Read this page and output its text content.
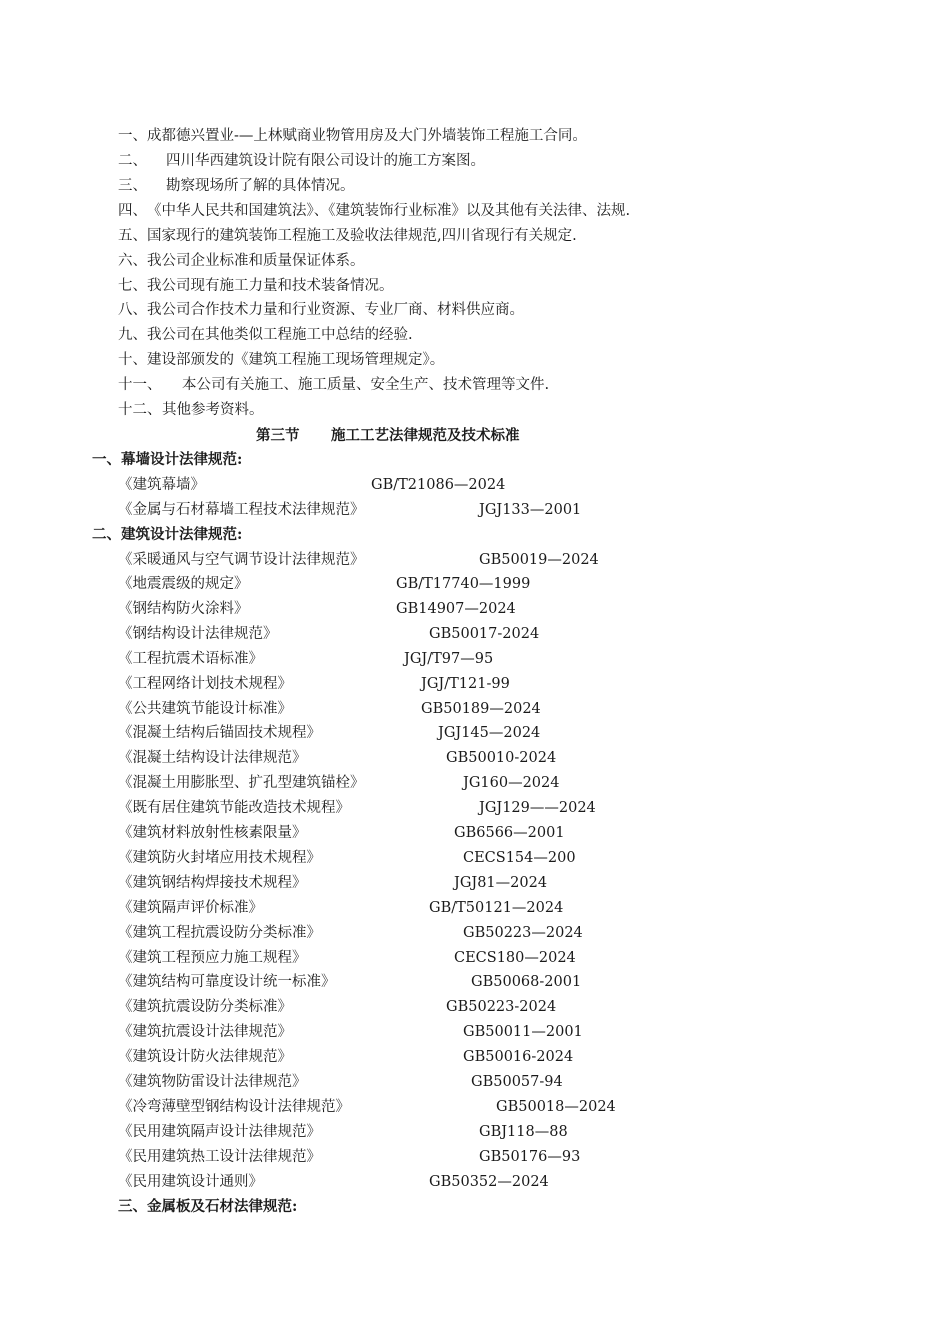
一、 成都德兴置业-—上林赋商业物管用房及大门外墙装饰工程施工合同。
二、 四川华西建筑设计院有限公司设计的施工方案图。
三、 勘察现场所了解的具体情况。
四、 《中华人民共和国建筑法》、《建筑装饰行业标准》以及其他有关法律、法规.
五、 国家现行的建筑装饰工程施工及验收法律规范,四川省现行有关规定.
六、 我公司企业标准和质量保证体系。
七、 我公司现有施工力量和技术装备情况。
八、 我公司合作技术力量和行业资源、专业厂商、材料供应商。
九、 我公司在其他类似工程施工中总结的经验.
十、 建设部颁发的《建筑工程施工现场管理规定》。
十一、 本公司有关施工、施工质量、安全生产、技术管理等文件.
十二、 其他参考资料。
第三节 施工工艺法律规范及技术标准
一、幕墙设计法律规范:
《建筑幕墙》	GB/T21086—2024
《金属与石材幕墙工程技术法律规范》	JGJ133—2001
二、建筑设计法律规范:
《采暖通风与空气调节设计法律规范》	GB50019—2024
《地震震级的规定》	GB/T17740—1999
《钢结构防火涂料》	GB14907—2024
《钢结构设计法律规范》	GB50017-2024
《工程抗震术语标准》	JGJ/T97—95
《工程网络计划技术规程》	JGJ/T121-99
《公共建筑节能设计标准》	GB50189—2024
《混凝土结构后锚固技术规程》	JGJ145—2024
《混凝土结构设计法律规范》	GB50010-2024
《混凝土用膨胀型、扩孔型建筑锚栓》	JG160—2024
《既有居住建筑节能改造技术规程》	JGJ129——2024
《建筑材料放射性核素限量》	GB6566—2001
《建筑防火封堵应用技术规程》	CECS154—200
《建筑钢结构焊接技术规程》	JGJ81—2024
《建筑隔声评价标准》	GB/T50121—2024
《建筑工程抗震设防分类标准》	GB50223—2024
《建筑工程预应力施工规程》	CECS180—2024
《建筑结构可靠度设计统一标准》	GB50068-2001
《建筑抗震设防分类标准》	GB50223-2024
《建筑抗震设计法律规范》	GB50011—2001
《建筑设计防火法律规范》	GB50016-2024
《建筑物防雷设计法律规范》	GB50057-94
《冷弯薄壁型钢结构设计法律规范》	GB50018—2024
《民用建筑隔声设计法律规范》	GBJ118—88
《民用建筑热工设计法律规范》	GB50176—93
《民用建筑设计通则》	GB50352—2024
三、金属板及石材法律规范:
